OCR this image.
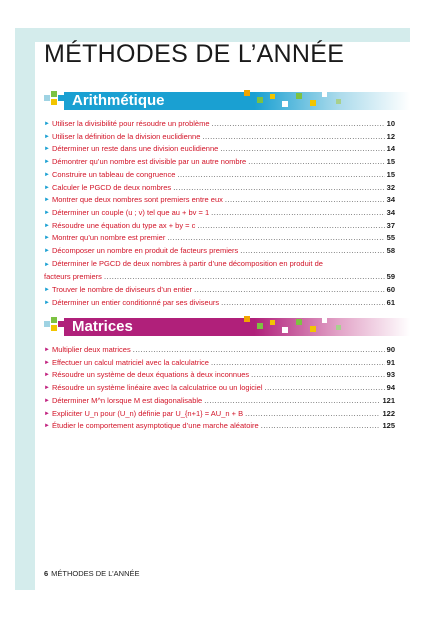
MÉTHODES DE L’ANNÉE
Arithmétique
► Utiliser la divisibilité pour résoudre un problème .....	10
► Utiliser la définition de la division euclidienne .....	12
► Déterminer un reste dans une division euclidienne .....	14
► Démontrer qu’un nombre est divisible par un autre nombre .....	15
► Construire un tableau de congruence .....	15
► Calculer le PGCD de deux nombres .....	32
► Montrer que deux nombres sont premiers entre eux .....	34
► Déterminer un couple (u ; v) tel que au + bv = 1 .....	34
► Résoudre une équation du type ax + by = c .....	37
► Montrer qu’un nombre est premier .....	55
► Décomposer un nombre en produit de facteurs premiers .....	58
► Déterminer le PGCD de deux nombres à partir d’une décomposition en produit de
facteurs premiers .....	59
► Trouver le nombre de diviseurs d’un entier .....	60
► Déterminer un entier conditionné par ses diviseurs .....	61
Matrices
► Multiplier deux matrices .....	90
► Effectuer un calcul matriciel avec la calculatrice .....	91
► Résoudre un système de deux équations à deux inconnues .....	93
► Résoudre un système linéaire avec la calculatrice ou un logiciel .....	94
► Déterminer M^n lorsque M est diagonalisable .....	121
► Expliciter U_n pour (U_n) définie par U_{n+1} = AU_n + B .....	122
► Étudier le comportement asymptotique d’une marche aléatoire .....	125
6 MÉTHODES DE L’ANNÉE
